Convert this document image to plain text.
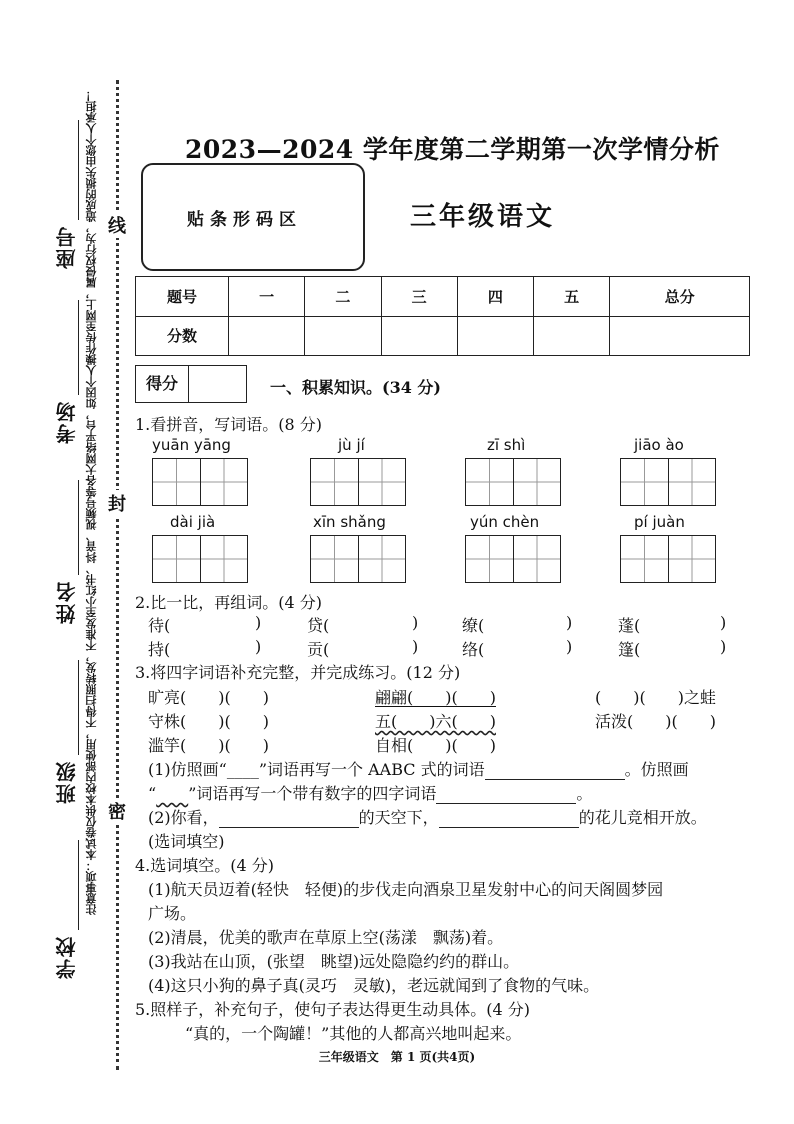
注意事项：本试卷仅供本校内部使用，不得扫照转发，不准发至小红书、抖音、视频号等各大网络平台，如因个人操作传至网上，属侵权行为，造成的损失由您个人承担！ 线
封
密
座号
考场
姓名
班级
学校
2023—2024 学年度第二学期第一次学情分析
贴条形码区	三年级语文
题号	一	二	三	四	五	总分
分数						
得分	一、积累知识。(34 分)
1.看拼音，写词语。(8 分)
yuān yāng	jù jí	zī shì	jiāo ào
dài jià	xīn shǎng	yún chèn	pí juàn
2.比一比，再组词。(4 分)
待(	)	贷(	)	缭(	)	蓬(	)
持(	)	贡(	)	络(	)	篷(	)
3.将四字词语补充完整，并完成练习。(12 分)
旷亮(　　)(　　)	翩翩(　　)(　　)	(　　)(　　)之蛙
守株(　　)(　　)	五(　　)六(　　)	活泼(　　)(　　)
滥竽(　　)(　　)	自相(　　)(　　)
(1)仿照画“____”词语再写一个 AABC 式的词语	。仿照画
“   ”词语再写一个带有数字的四字词语	。
(2)你看，	的天空下，	的花儿竞相开放。
(选词填空)
4.选词填空。(4 分)
(1)航天员迈着(轻快　轻便)的步伐走向酒泉卫星发射中心的问天阁圆梦园
广场。
(2)清晨，优美的歌声在草原上空(荡漾　飘荡)着。
(3)我站在山顶，(张望　眺望)远处隐隐约约的群山。
(4)这只小狗的鼻子真(灵巧　灵敏)，老远就闻到了食物的气味。
5.照样子，补充句子，使句子表达得更生动具体。(4 分)
“真的，一个陶罐！”其他的人都高兴地叫起来。
三年级语文　第 1 页(共4页)
